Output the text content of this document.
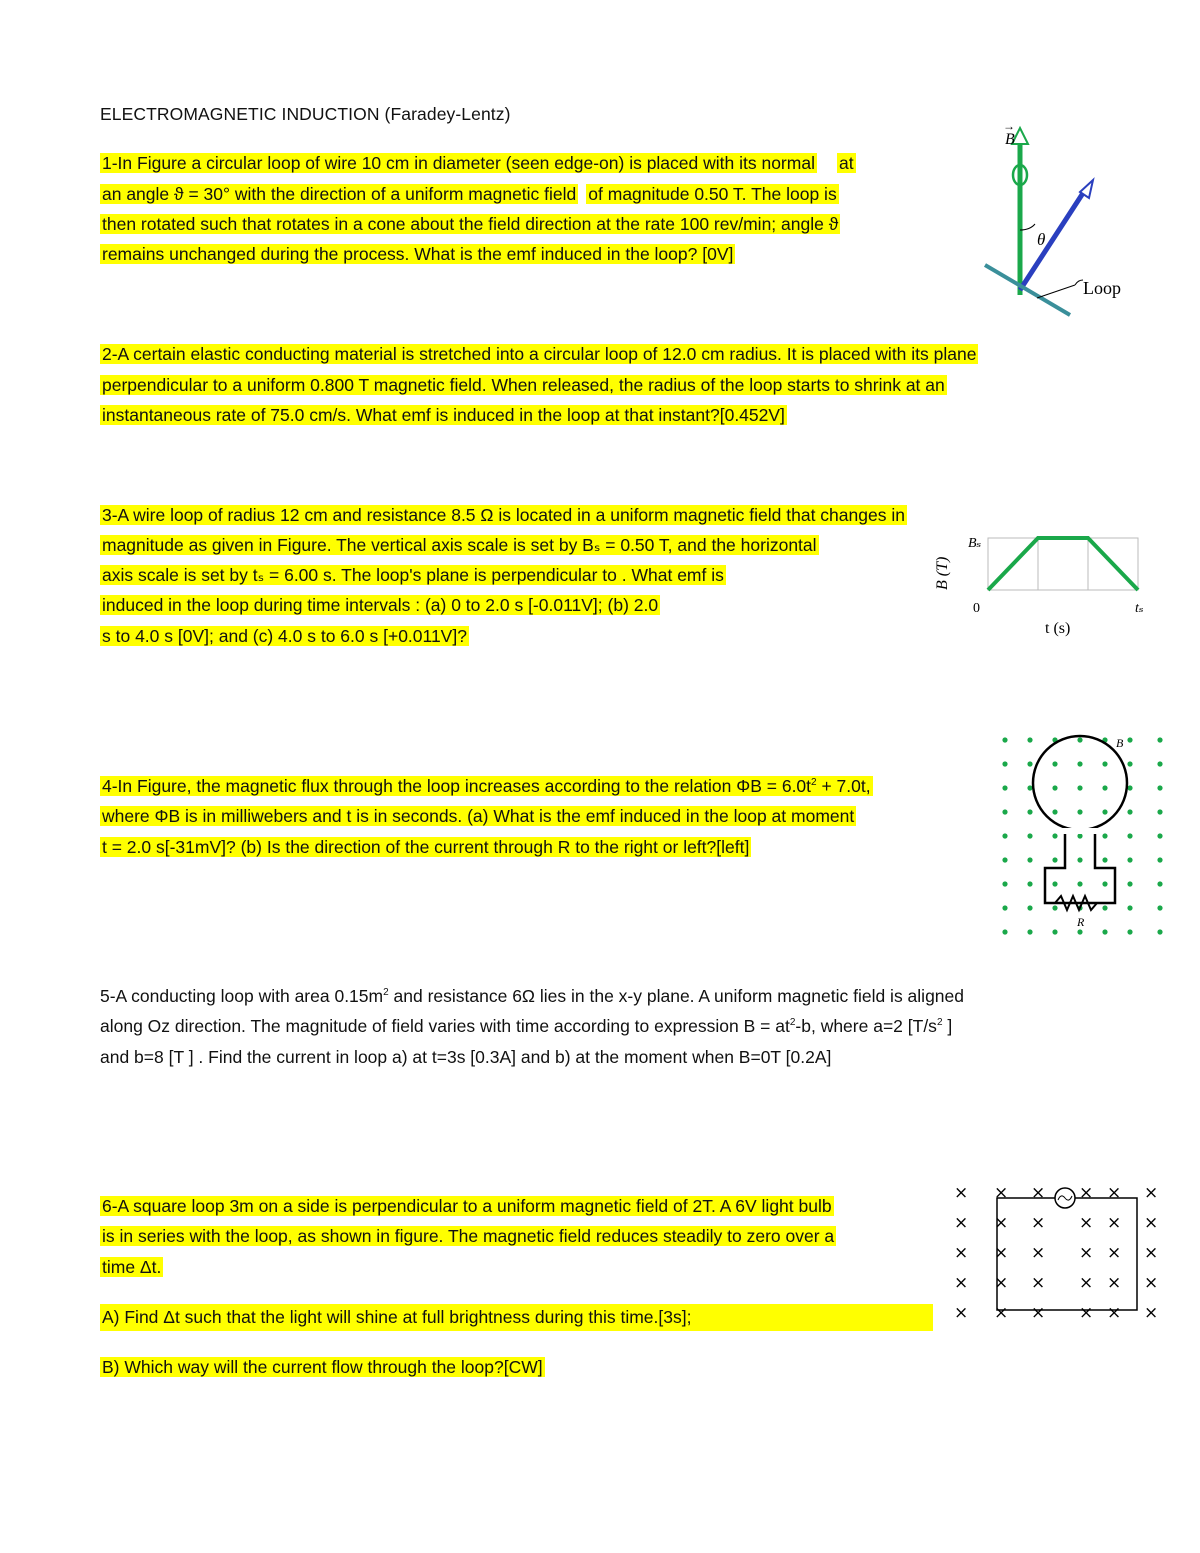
ELECTROMAGNETIC INDUCTION (Faradey-Lentz)
1-In Figure a circular loop of wire 10 cm in diameter (seen edge-on) is placed with its normal at
an angle ϑ = 30° with the direction of a uniform magnetic field of magnitude 0.50 T. The loop is
then rotated such that rotates in a cone about the field direction at the rate 100 rev/min; angle ϑ
remains unchanged during the process. What is the emf induced in the loop? [0V]
B
→
θ
Loop
2-A certain elastic conducting material is stretched into a circular loop of 12.0 cm radius. It is placed with its plane
perpendicular to a uniform 0.800 T magnetic field. When released, the radius of the loop starts to shrink at an
instantaneous rate of 75.0 cm/s. What emf is induced in the loop at that instant?[0.452V]
3-A wire loop of radius 12 cm and resistance 8.5 Ω is located in a uniform magnetic field that changes in
magnitude as given in Figure. The vertical axis scale is set by Bₛ = 0.50 T, and the horizontal
axis scale is set by tₛ = 6.00 s. The loop's plane is perpendicular to . What emf is
induced in the loop during time intervals : (a) 0 to 2.0 s [-0.011V]; (b) 2.0
s to 4.0 s [0V]; and (c) 4.0 s to 6.0 s [+0.011V]?
B (T)
Bₛ
0
t (s)
tₛ
4-In Figure, the magnetic flux through the loop increases according to the relation $\Phi B = 6.0t^2 + 7.0t$,
where ΦB is in milliwebers and t is in seconds. (a) What is the emf induced in the loop at moment
t = 2.0 s[-31mV]? (b) Is the direction of the current through R to the right or left?[left]
R
B
5-A conducting loop with area $0.15m^2$ and resistance 6Ω lies in the x-y plane. A uniform magnetic field is aligned
along Oz direction. The magnitude of field varies with time according to expression $B = at^2-b$, where a=2 [$T/s^2$ ]
and b=8 [T ] . Find the current in loop a) at t=3s [0.3A] and b) at the moment when B=0T [0.2A]
6-A square loop 3m on a side is perpendicular to a uniform magnetic field of 2T. A 6V light bulb
is in series with the loop, as shown in figure. The magnetic field reduces steadily to zero over a
time Δt.
A) Find Δt such that the light will shine at full brightness during this time.[3s];
B) Which way will the current flow through the loop?[CW]
× × × × × ×
× × × × × ×
× × × × × ×
× × × × × ×
× × × × × ×
